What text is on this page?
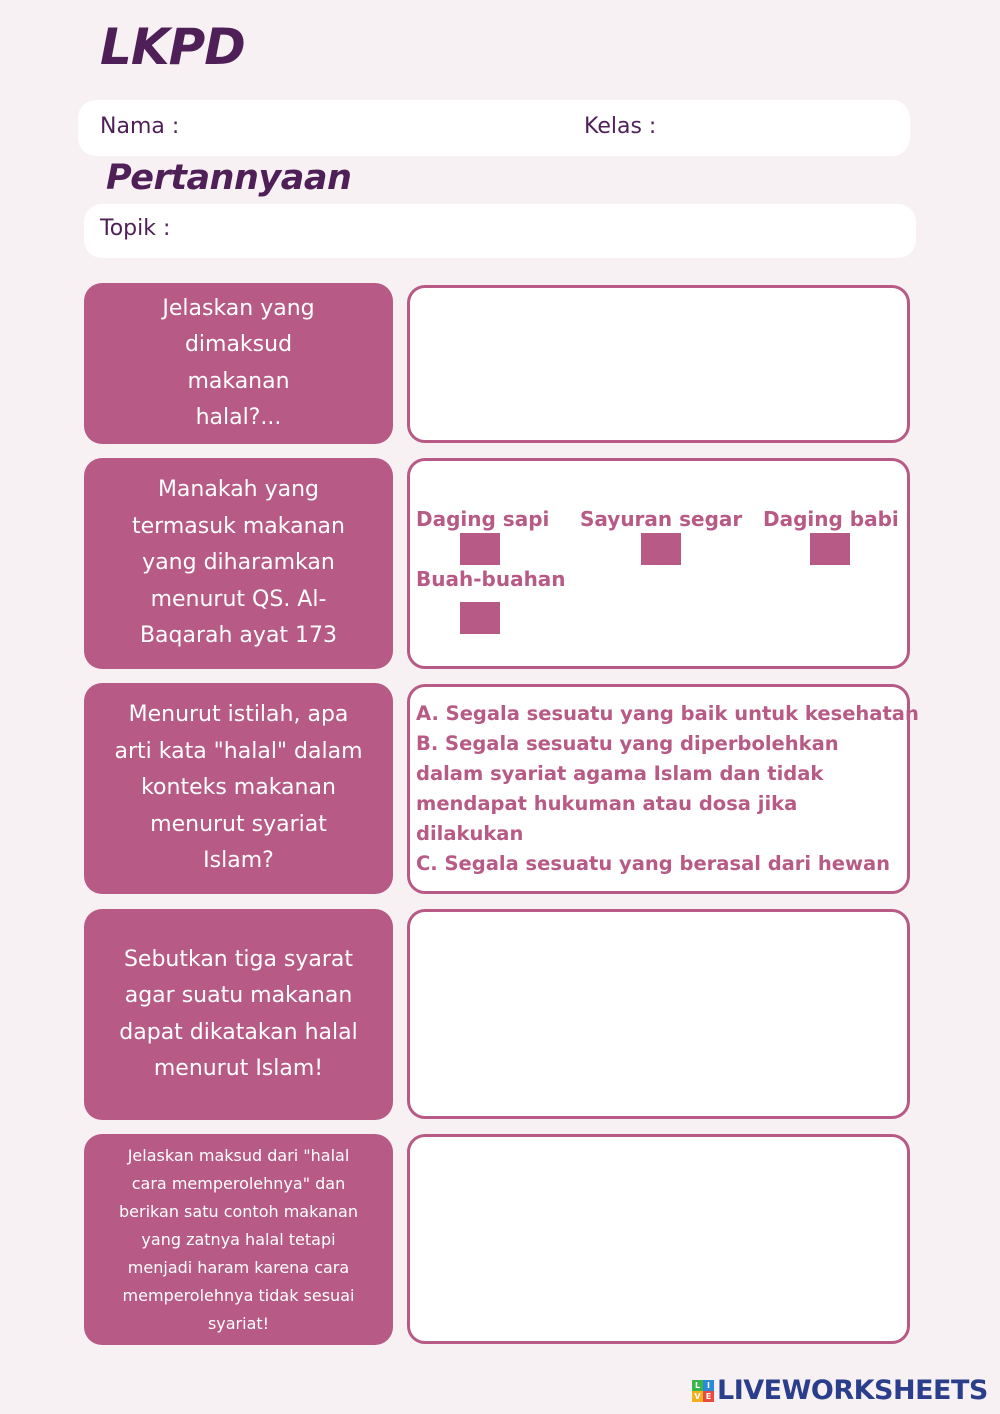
LKPD
Nama :	Kelas :
Pertannyaan
Topik :
Jelaskan yang
dimaksud
makanan
halal?...
Manakah yang
termasuk makanan
yang diharamkan
menurut QS. Al-
Baqarah ayat 173
Daging sapi Sayuran segar Daging babi
Buah-buahan
Menurut istilah, apa
arti kata "halal" dalam
konteks makanan
menurut syariat
Islam?
A. Segala sesuatu yang baik untuk kesehatan
B. Segala sesuatu yang diperbolehkan dalam syariat agama Islam dan tidak mendapat hukuman atau dosa jika dilakukan
C. Segala sesuatu yang berasal dari hewan
Sebutkan tiga syarat
agar suatu makanan
dapat dikatakan halal
menurut Islam!
Jelaskan maksud dari "halal
cara memperolehnya" dan
berikan satu contoh makanan
yang zatnya halal tetapi
menjadi haram karena cara
memperolehnya tidak sesuai
syariat!
L I
V E LIVEWORKSHEETS
